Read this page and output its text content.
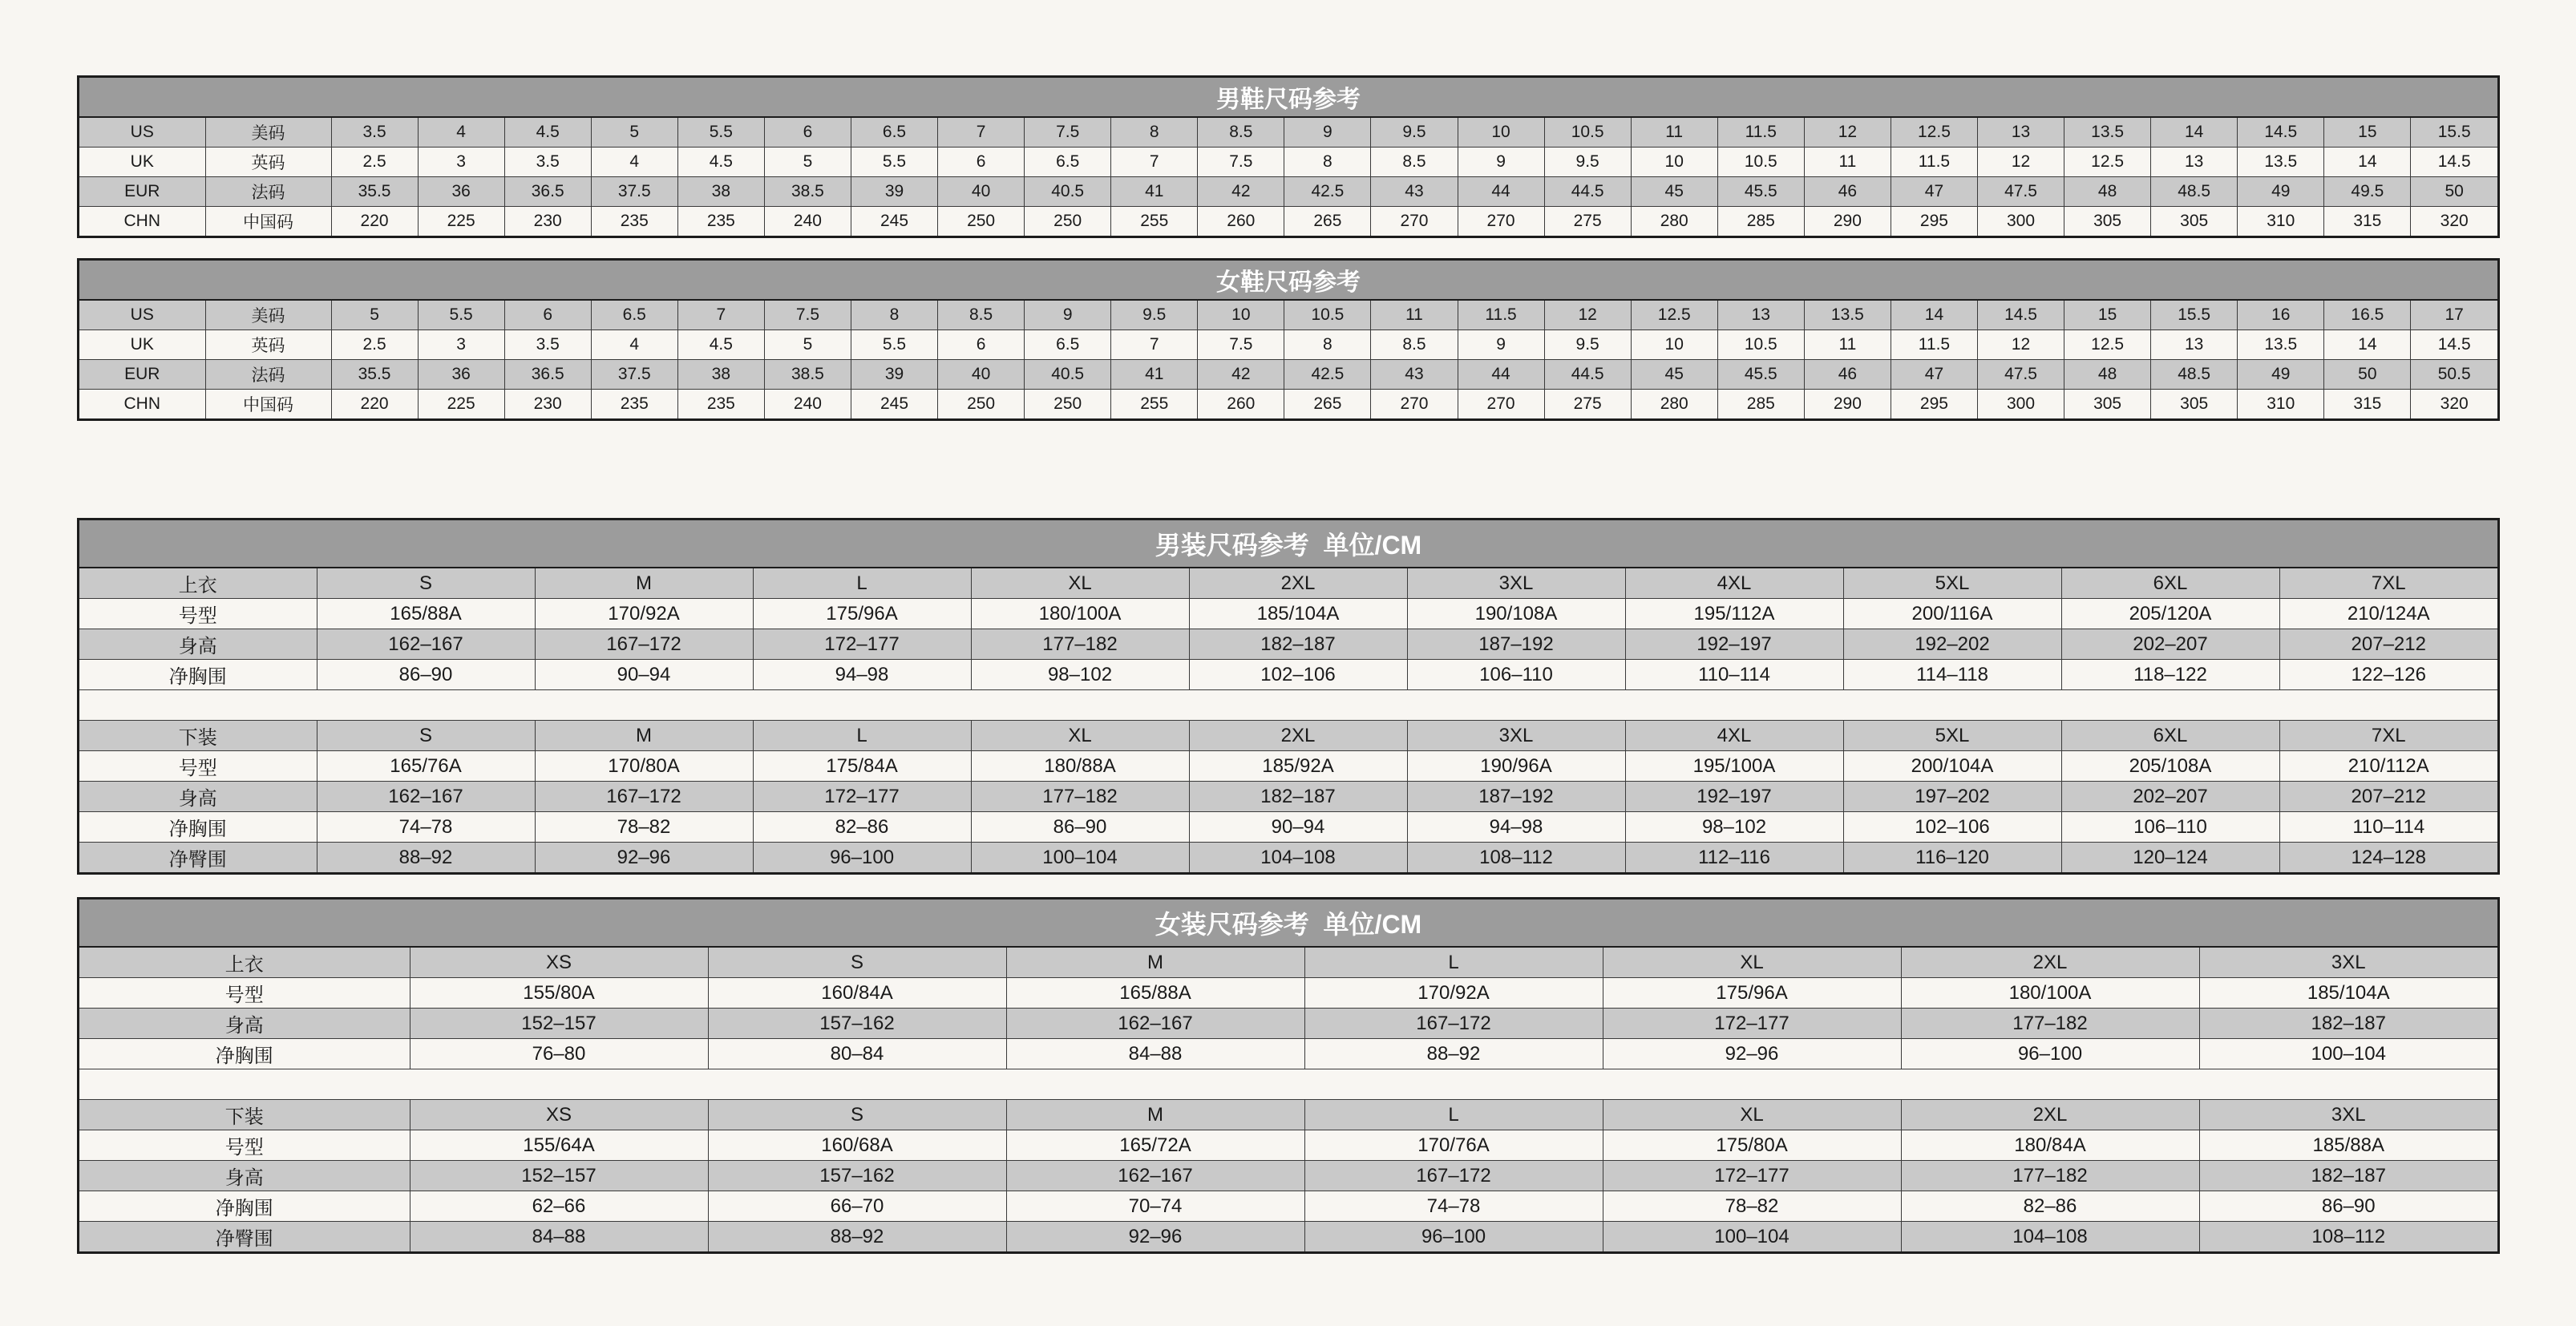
男鞋尺码参考
US	美码	3.5	4	4.5	5	5.5	6	6.5	7	7.5	8	8.5	9	9.5	10	10.5	11	11.5	12	12.5	13	13.5	14	14.5	15	15.5
UK	英码	2.5	3	3.5	4	4.5	5	5.5	6	6.5	7	7.5	8	8.5	9	9.5	10	10.5	11	11.5	12	12.5	13	13.5	14	14.5
EUR	法码	35.5	36	36.5	37.5	38	38.5	39	40	40.5	41	42	42.5	43	44	44.5	45	45.5	46	47	47.5	48	48.5	49	49.5	50
CHN	中国码	220	225	230	235	235	240	245	250	250	255	260	265	270	270	275	280	285	290	295	300	305	305	310	315	320
女鞋尺码参考
US	美码	5	5.5	6	6.5	7	7.5	8	8.5	9	9.5	10	10.5	11	11.5	12	12.5	13	13.5	14	14.5	15	15.5	16	16.5	17
UK	英码	2.5	3	3.5	4	4.5	5	5.5	6	6.5	7	7.5	8	8.5	9	9.5	10	10.5	11	11.5	12	12.5	13	13.5	14	14.5
EUR	法码	35.5	36	36.5	37.5	38	38.5	39	40	40.5	41	42	42.5	43	44	44.5	45	45.5	46	47	47.5	48	48.5	49	50	50.5
CHN	中国码	220	225	230	235	235	240	245	250	250	255	260	265	270	270	275	280	285	290	295	300	305	305	310	315	320
男装尺码参考  单位/CM
上衣	S	M	L	XL	2XL	3XL	4XL	5XL	6XL	7XL
号型	165/88A	170/92A	175/96A	180/100A	185/104A	190/108A	195/112A	200/116A	205/120A	210/124A
身高	162–167	167–172	172–177	177–182	182–187	187–192	192–197	192–202	202–207	207–212
净胸围	86–90	90–94	94–98	98–102	102–106	106–110	110–114	114–118	118–122	122–126

下装	S	M	L	XL	2XL	3XL	4XL	5XL	6XL	7XL
号型	165/76A	170/80A	175/84A	180/88A	185/92A	190/96A	195/100A	200/104A	205/108A	210/112A
身高	162–167	167–172	172–177	177–182	182–187	187–192	192–197	197–202	202–207	207–212
净胸围	74–78	78–82	82–86	86–90	90–94	94–98	98–102	102–106	106–110	110–114
净臀围	88–92	92–96	96–100	100–104	104–108	108–112	112–116	116–120	120–124	124–128
女装尺码参考  单位/CM
上衣	XS	S	M	L	XL	2XL	3XL
号型	155/80A	160/84A	165/88A	170/92A	175/96A	180/100A	185/104A
身高	152–157	157–162	162–167	167–172	172–177	177–182	182–187
净胸围	76–80	80–84	84–88	88–92	92–96	96–100	100–104

下装	XS	S	M	L	XL	2XL	3XL
号型	155/64A	160/68A	165/72A	170/76A	175/80A	180/84A	185/88A
身高	152–157	157–162	162–167	167–172	172–177	177–182	182–187
净胸围	62–66	66–70	70–74	74–78	78–82	82–86	86–90
净臀围	84–88	88–92	92–96	96–100	100–104	104–108	108–112
